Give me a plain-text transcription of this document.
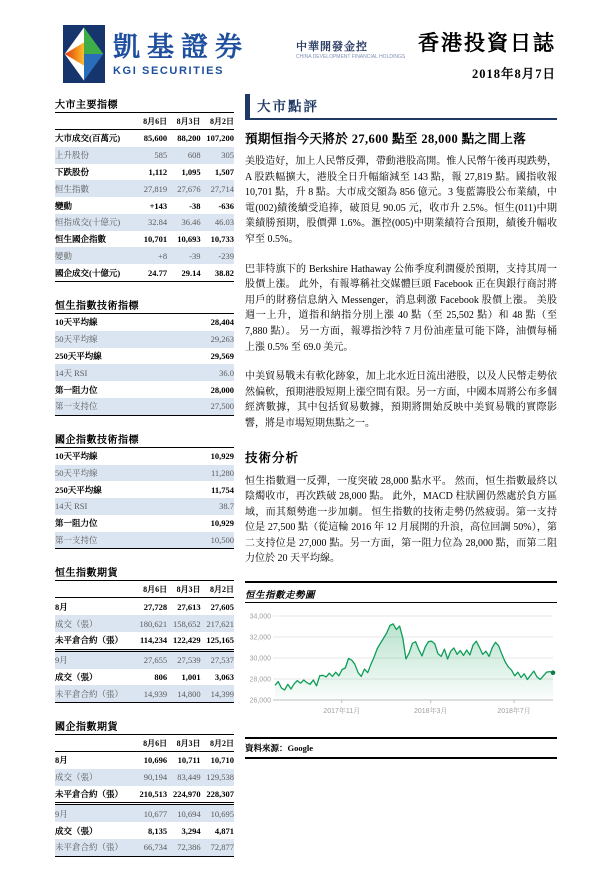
凱基證券
KGI SECURITIES
中華開發金控
CHINA DEVELOPMENT FINANCIAL HOLDINGS
香港投資日誌
2018年8月7日
大市主要指標
	8月6日	8月3日	8月2日
大市成交(百萬元)	85,600	88,200	107,200
上升股份	585	608	305
下跌股份	1,112	1,095	1,507
恒生指數	27,819	27,676	27,714
變動	+143	-38	-636
恒指成交(十億元)	32.84	36.46	46.03
恒生國企指數	10,701	10,693	10,733
變動	+8	-39	-239
國企成交(十億元)	24.77	29.14	38.82
恒生指數技術指標
10天平均線	28,404
50天平均線	29,263
250天平均線	29,569
14天 RSI	36.0
第一阻力位	28,000
第一支持位	27,500
國企指數技術指標
10天平均線	10,929
50天平均線	11,280
250天平均線	11,754
14天 RSI	38.7
第一阻力位	10,929
第一支持位	10,500
恒生指數期貨
	8月6日	8月3日	8月2日
8月	27,728	27,613	27,605
成交（張）	180,621	158,652	217,621
未平倉合約（張）	114,234	122,429	125,165
9月	27,655	27,539	27,537
成交（張）	806	1,001	3,063
未平倉合約（張）	14,939	14,800	14,399
國企指數期貨
	8月6日	8月3日	8月2日
8月	10,696	10,711	10,710
成交（張）	90,194	83,449	129,538
未平倉合約（張）	210,513	224,970	228,307
9月	10,677	10,694	10,695
成交（張）	8,135	3,294	4,871
未平倉合約（張）	66,734	72,386	72,877
大市點評
預期恒指今天將於 27,600 點至 28,000 點之間上落

美股造好，加上人民幣反彈，帶動港股高開。惟人民幣午後再現跌勢，A 股跌幅擴大，港股全日升幅縮減至 143 點，報 27,819 點。國指收報 10,701 點，升 8 點。大市成交額為 856 億元。3 隻藍籌股公布業績，中電(002)績後續受追捧，破頂見 90.05 元，收市升 2.5%。恒生(011)中期業績勝預期，股價彈 1.6%。滙控(005)中期業績符合預期，績後升幅收窄至 0.5%。

巴菲特旗下的 Berkshire Hathaway 公佈季度利潤優於預期，支持其周一股價上漲。 此外，有報導稱社交媒體巨頭 Facebook 正在與銀行商討將用戶的財務信息納入 Messenger，消息刺激 Facebook 股價上漲。 美股週一上升，道指和納指分別上漲 40 點（至 25,502 點）和 48 點（至 7,880 點）。 另一方面，報導指沙特 7 月份油產量可能下降，油價每桶上漲 0.5% 至 69.0 美元。

中美貿易戰未有軟化跡象，加上北水近日流出港股，以及人民幣走勢依然偏軟，預期港股短期上漲空間有限。另一方面，中國本周將公布多個經濟數據，其中包括貿易數據，預期將開始反映中美貿易戰的實際影響，將是市場短期焦點之一。

技術分析

恒生指數週一反彈，一度突破 28,000 點水平。 然而，恒生指數最終以陰燭收市，再次跌破 28,000 點。 此外，MACD 柱狀圖仍然處於負方區域，而其頹勢進一步加劇。 恒生指數的技術走勢仍然疲弱。第一支持位是 27,500 點（從這輪 2016 年 12 月展開的升浪，高位回調 50%），第二支持位是 27,000 點。另一方面，第一阻力位為 28,000 點，而第二阻力位於 20 天平均線。

恒生指數走勢圖
34,000
32,000
30,000
28,000
26,000
2017年11月	2018年3月	2018年7月
資料來源：Google
